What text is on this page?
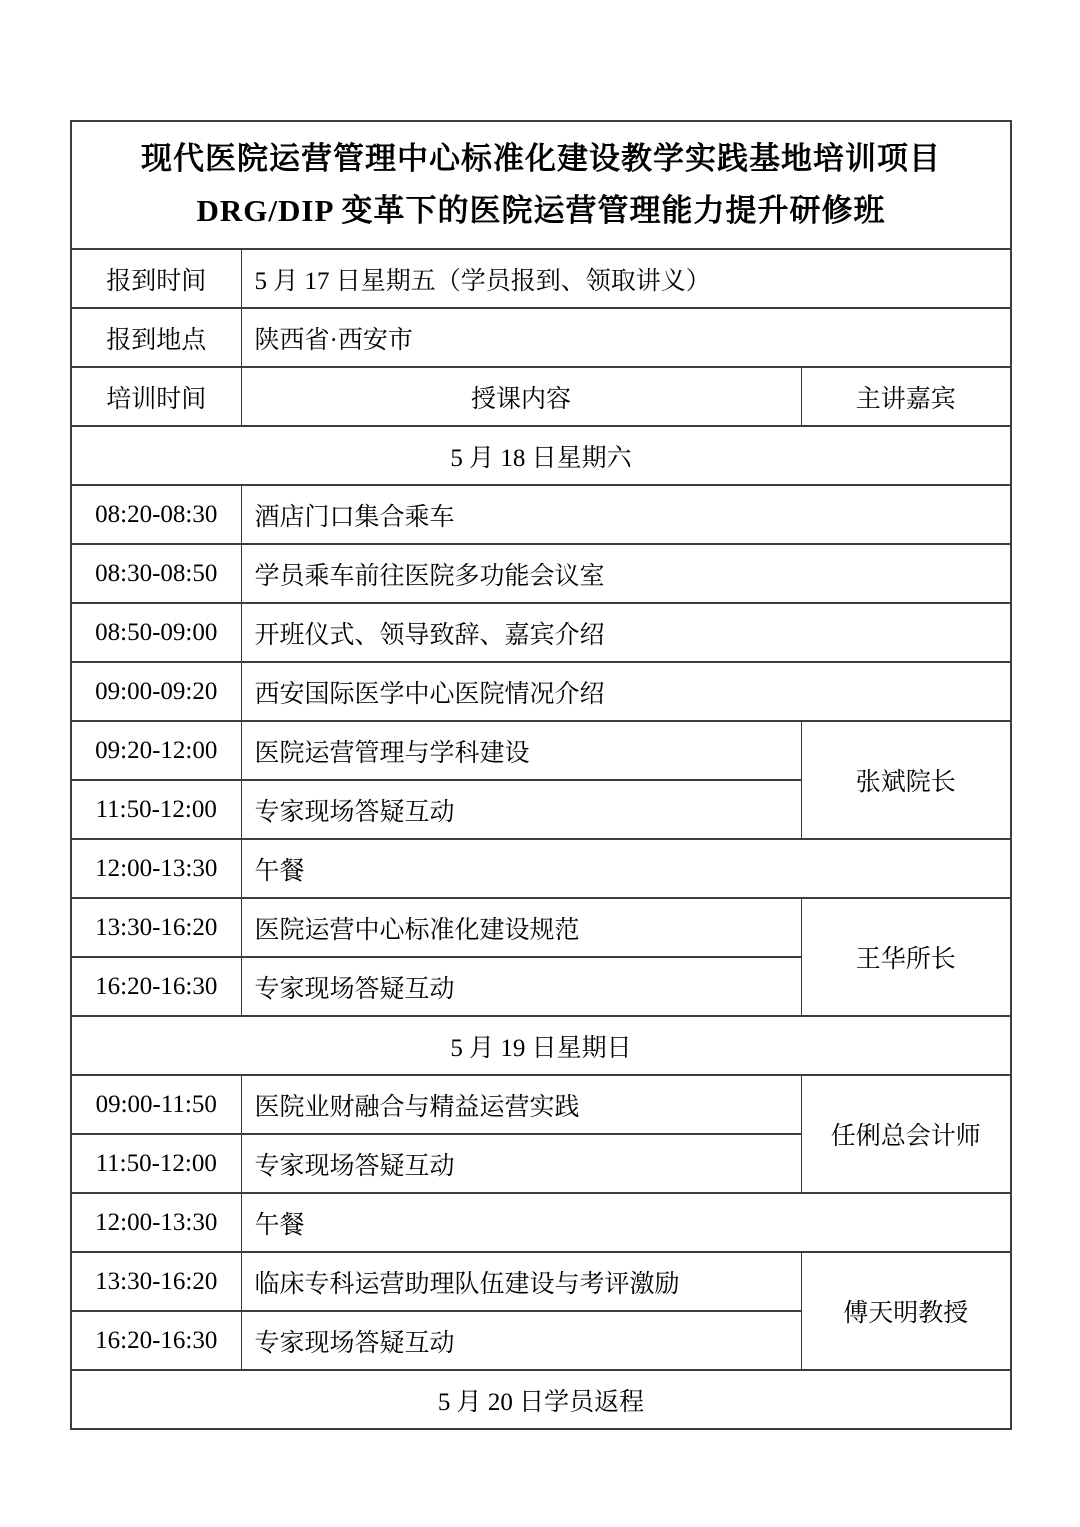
现代医院运营管理中心标准化建设教学实践基地培训项目
DRG/DIP 变革下的医院运营管理能力提升研修班		

报到时间	5 月 17 日星期五（学员报到、领取讲义）	
报到地点	陕西省·西安市	
培训时间	授课内容	主讲嘉宾
5 月 18 日星期六		
08:20-08:30	酒店门口集合乘车	
08:30-08:50	学员乘车前往医院多功能会议室	
08:50-09:00	开班仪式、领导致辞、嘉宾介绍	
09:00-09:20	西安国际医学中心医院情况介绍	
09:20-12:00	医院运营管理与学科建设	张斌院长
11:50-12:00	专家现场答疑互动	
12:00-13:30	午餐	
13:30-16:20	医院运营中心标准化建设规范	王华所长
16:20-16:30	专家现场答疑互动	
5 月 19 日星期日		
09:00-11:50	医院业财融合与精益运营实践	任俐总会计师
11:50-12:00	专家现场答疑互动	
12:00-13:30	午餐	
13:30-16:20	临床专科运营助理队伍建设与考评激励	傅天明教授
16:20-16:30	专家现场答疑互动	
5 月 20 日学员返程		
